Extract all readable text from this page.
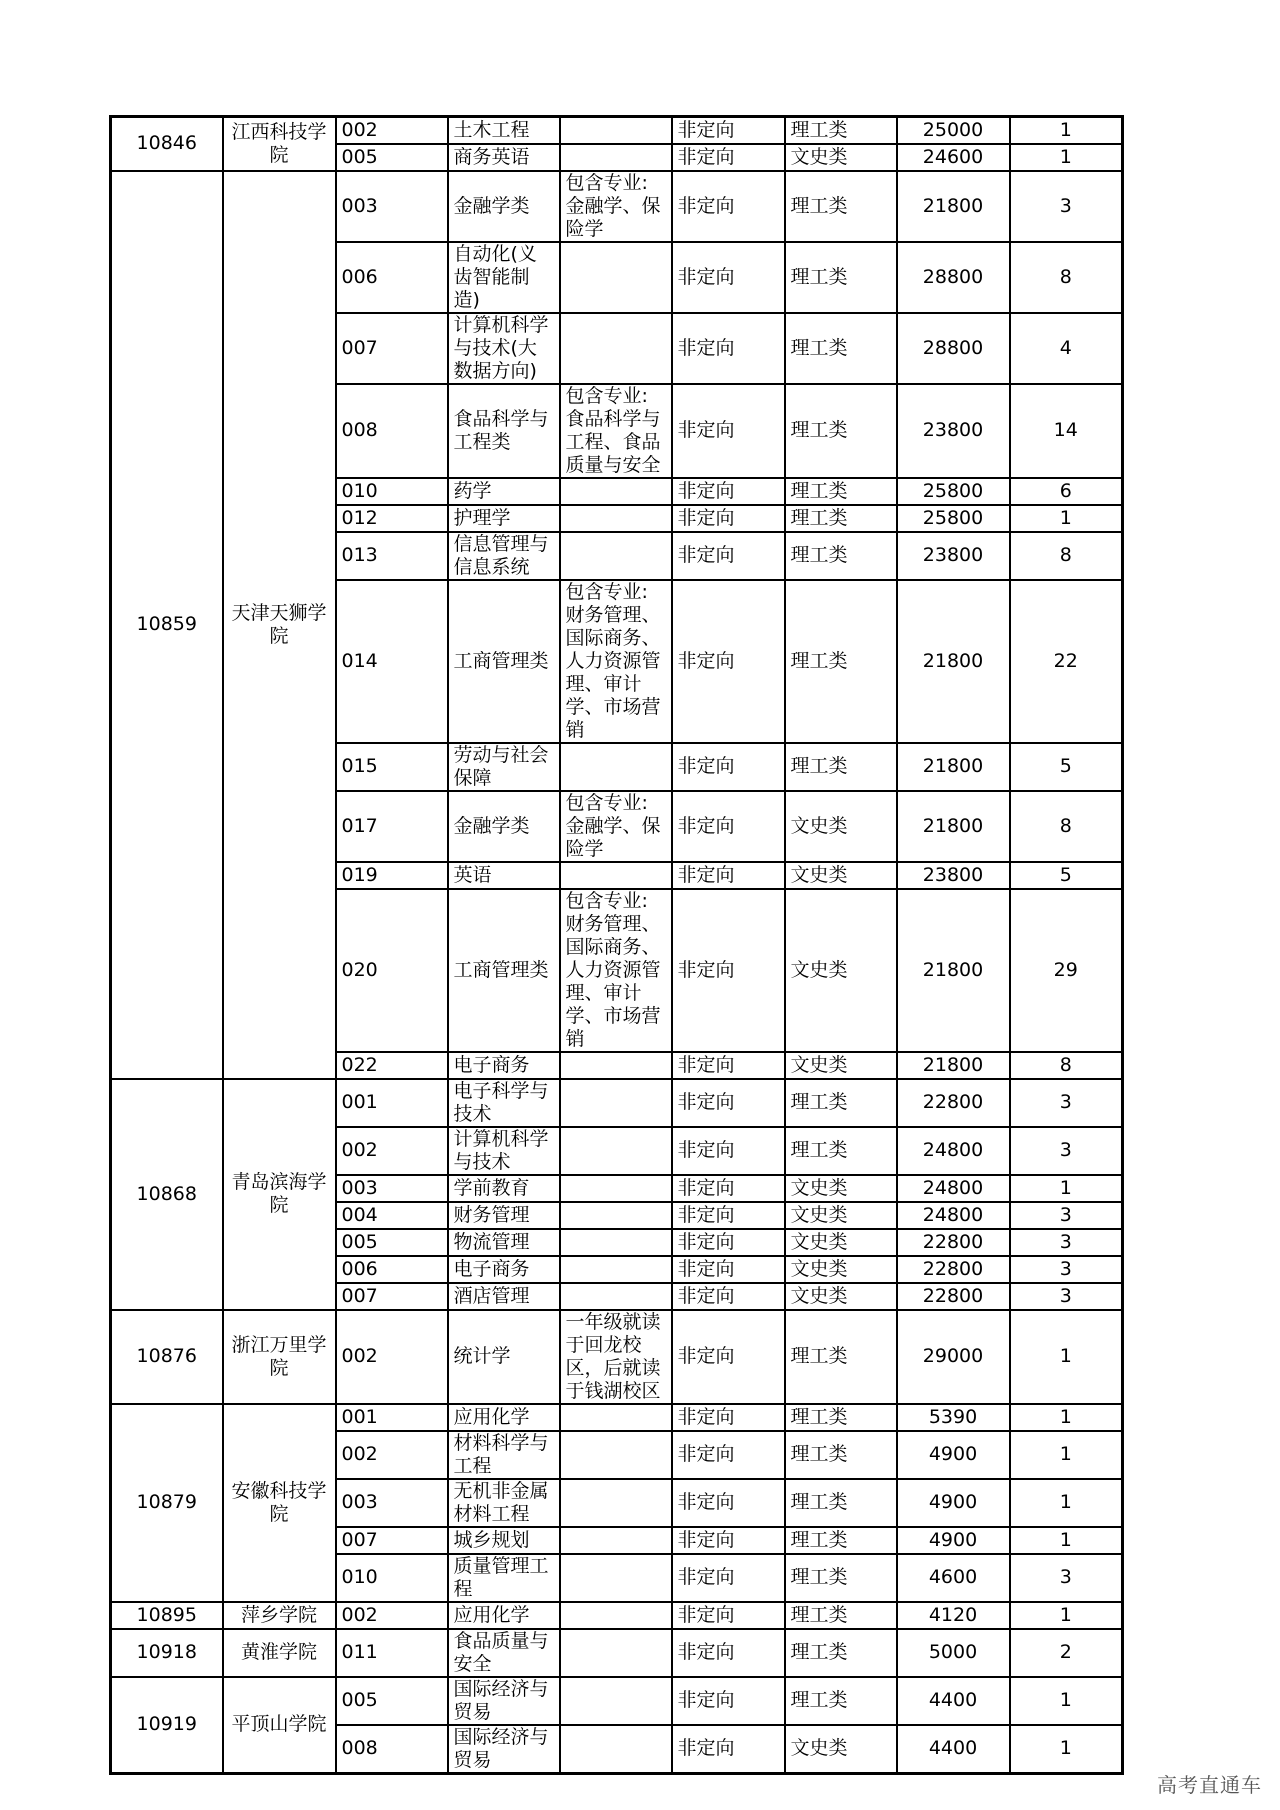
10846	江西科技学院	002	土木工程		非定向	理工类	25000	1
		005	商务英语		非定向	文史类	24600	1
10859	天津天狮学院	003	金融学类	包含专业:金融学、保险学	非定向	理工类	21800	3
		006	自动化(义齿智能制造)		非定向	理工类	28800	8
		007	计算机科学与技术(大数据方向)		非定向	理工类	28800	4
		008	食品科学与工程类	包含专业:食品科学与工程、食品质量与安全	非定向	理工类	23800	14
		010	药学		非定向	理工类	25800	6
		012	护理学		非定向	理工类	25800	1
		013	信息管理与信息系统		非定向	理工类	23800	8
		014	工商管理类	包含专业:财务管理、国际商务、人力资源管理、审计学、市场营销	非定向	理工类	21800	22
		015	劳动与社会保障		非定向	理工类	21800	5
		017	金融学类	包含专业:金融学、保险学	非定向	文史类	21800	8
		019	英语		非定向	文史类	23800	5
		020	工商管理类	包含专业:财务管理、国际商务、人力资源管理、审计学、市场营销	非定向	文史类	21800	29
		022	电子商务		非定向	文史类	21800	8
10868	青岛滨海学院	001	电子科学与技术		非定向	理工类	22800	3
		002	计算机科学与技术		非定向	理工类	24800	3
		003	学前教育		非定向	文史类	24800	1
		004	财务管理		非定向	文史类	24800	3
		005	物流管理		非定向	文史类	22800	3
		006	电子商务		非定向	文史类	22800	3
		007	酒店管理		非定向	文史类	22800	3
10876	浙江万里学院	002	统计学	一年级就读于回龙校区，后就读于钱湖校区	非定向	理工类	29000	1
10879	安徽科技学院	001	应用化学		非定向	理工类	5390	1
		002	材料科学与工程		非定向	理工类	4900	1
		003	无机非金属材料工程		非定向	理工类	4900	1
		007	城乡规划		非定向	理工类	4900	1
		010	质量管理工程		非定向	理工类	4600	3
10895	萍乡学院	002	应用化学		非定向	理工类	4120	1
10918	黄淮学院	011	食品质量与安全		非定向	理工类	5000	2
10919	平顶山学院	005	国际经济与贸易		非定向	理工类	4400	1
		008	国际经济与贸易		非定向	文史类	4400	1
高考直通车
